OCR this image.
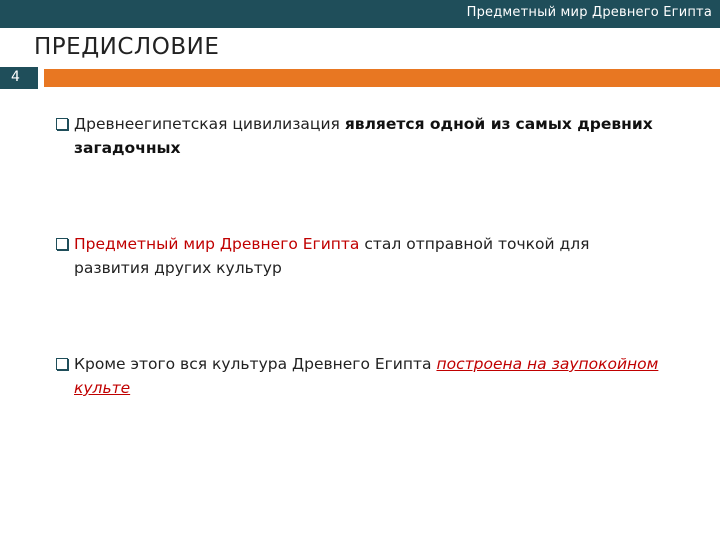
Предметный мир Древнего Египта
ПРЕДИСЛОВИЕ
4
Древнеегипетская цивилизация является одной из самых древних загадочных
Предметный мир Древнего Египта стал отправной точкой для развития других культур
Кроме этого вся культура Древнего Египта построена на заупокойном культе
